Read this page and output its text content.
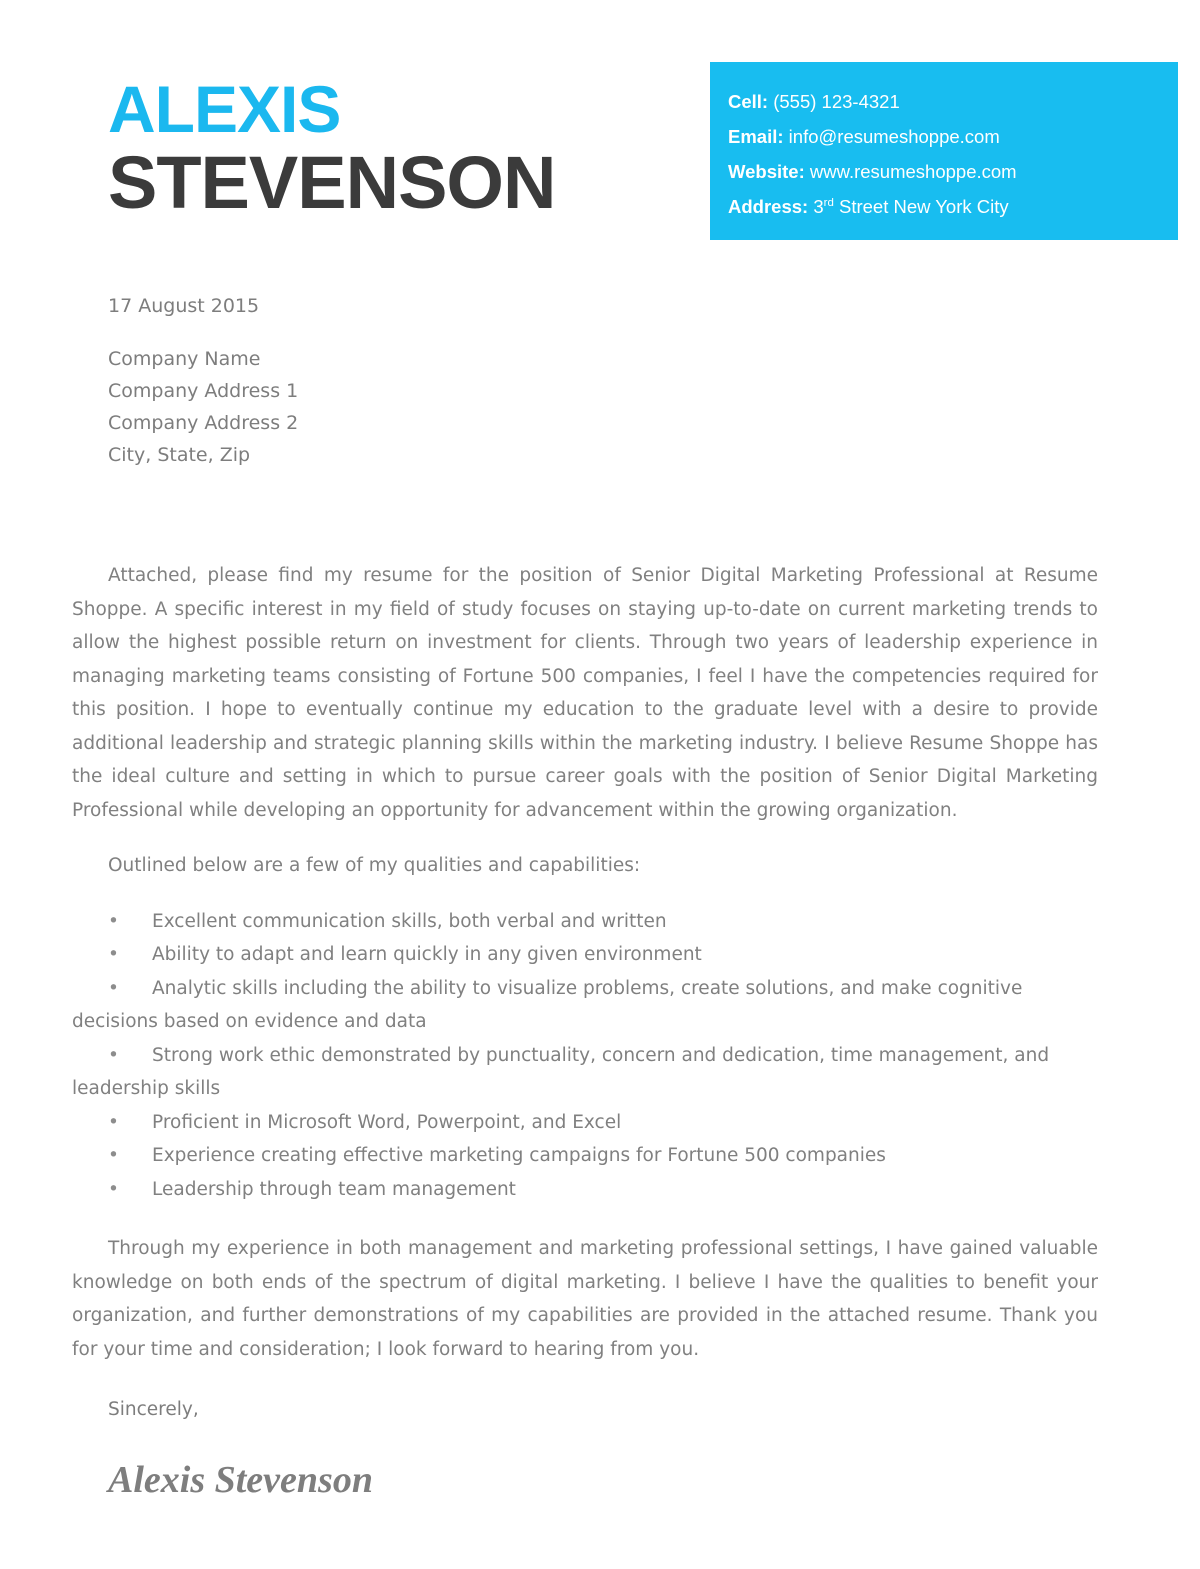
ALEXIS
STEVENSON
Cell: (555) 123-4321
Email: info@resumeshoppe.com
Website: www.resumeshoppe.com
Address: 3rd Street New York City
17 August 2015
Company Name
Company Address 1
Company Address 2
City, State, Zip

Attached, please find my resume for the position of Senior Digital Marketing Professional at Resume Shoppe. A specific interest in my field of study focuses on staying up-to-date on current marketing trends to allow the highest possible return on investment for clients. Through two years of leadership experience in managing marketing teams consisting of Fortune 500 companies, I feel I have the competencies required for this position. I hope to eventually continue my education to the graduate level with a desire to provide additional leadership and strategic planning skills within the marketing industry. I believe Resume Shoppe has the ideal culture and setting in which to pursue career goals with the position of Senior Digital Marketing Professional while developing an opportunity for advancement within the growing organization.

Outlined below are a few of my qualities and capabilities:

• Excellent communication skills, both verbal and written
• Ability to adapt and learn quickly in any given environment
• Analytic skills including the ability to visualize problems, create solutions, and make cognitive decisions based on evidence and data
• Strong work ethic demonstrated by punctuality, concern and dedication, time management, and leadership skills
• Proficient in Microsoft Word, Powerpoint, and Excel
• Experience creating effective marketing campaigns for Fortune 500 companies
• Leadership through team management

Through my experience in both management and marketing professional settings, I have gained valuable knowledge on both ends of the spectrum of digital marketing. I believe I have the qualities to benefit your organization, and further demonstrations of my capabilities are provided in the attached resume. Thank you for your time and consideration; I look forward to hearing from you.

Sincerely,
Alexis Stevenson
